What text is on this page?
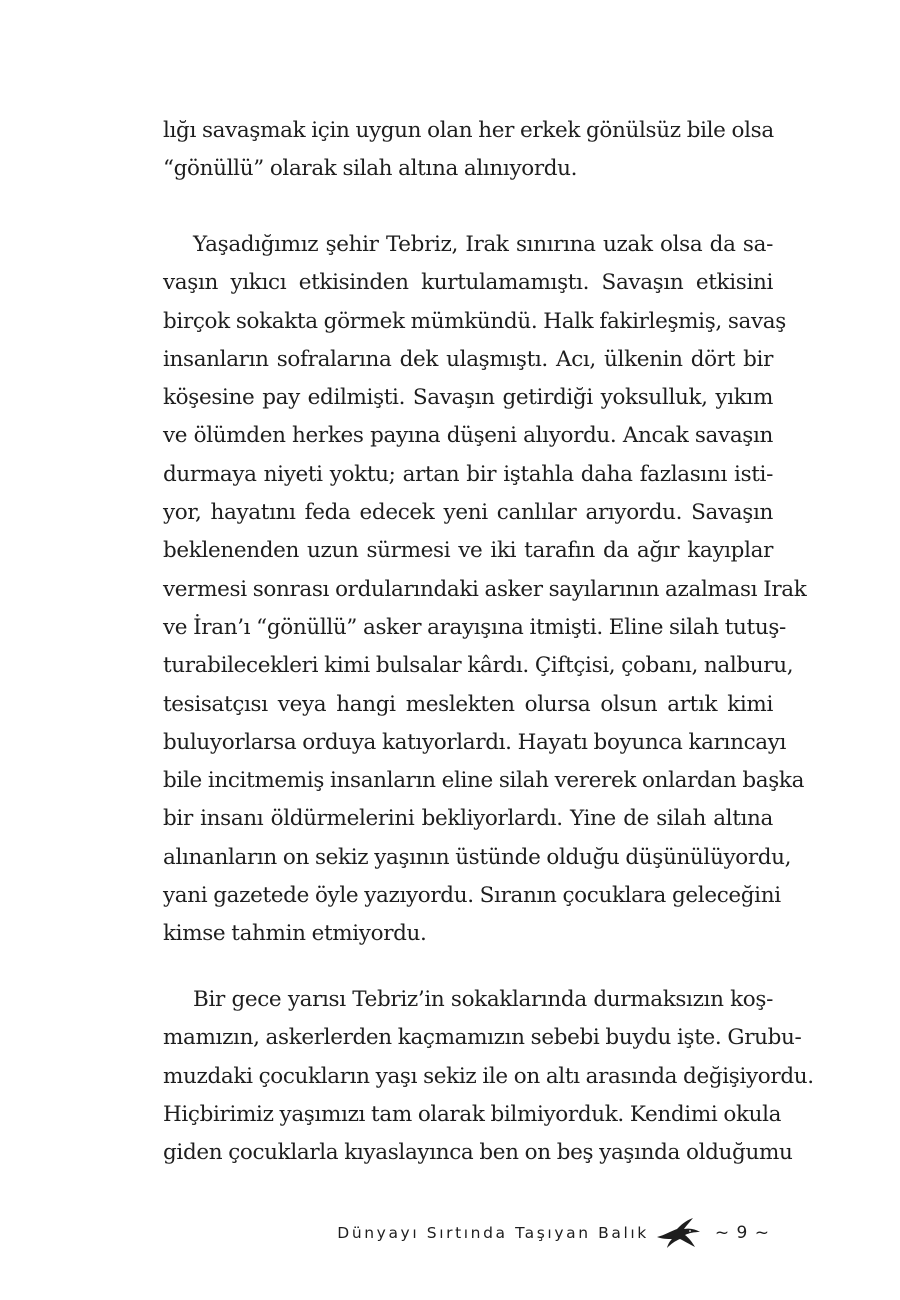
lığı savaşmak için uygun olan her erkek gönülsüz bile olsa
“gönüllü” olarak silah altına alınıyordu.
Yaşadığımız şehir Tebriz, Irak sınırına uzak olsa da sa-
vaşın yıkıcı etkisinden kurtulamamıştı. Savaşın etkisini
birçok sokakta görmek mümkündü. Halk fakirleşmiş, savaş
insanların sofralarına dek ulaşmıştı. Acı, ülkenin dört bir
köşesine pay edilmişti. Savaşın getirdiği yoksulluk, yıkım
ve ölümden herkes payına düşeni alıyordu. Ancak savaşın
durmaya niyeti yoktu; artan bir iştahla daha fazlasını isti-
yor, hayatını feda edecek yeni canlılar arıyordu. Savaşın
beklenenden uzun sürmesi ve iki tarafın da ağır kayıplar
vermesi sonrası ordularındaki asker sayılarının azalması Irak
ve İran’ı “gönüllü” asker arayışına itmişti. Eline silah tutuş-
turabilecekleri kimi bulsalar kârdı. Çiftçisi, çobanı, nalburu,
tesisatçısı veya hangi meslekten olursa olsun artık kimi
buluyorlarsa orduya katıyorlardı. Hayatı boyunca karıncayı
bile incitmemiş insanların eline silah vererek onlardan başka
bir insanı öldürmelerini bekliyorlardı. Yine de silah altına
alınanların on sekiz yaşının üstünde olduğu düşünülüyordu,
yani gazetede öyle yazıyordu. Sıranın çocuklara geleceğini
kimse tahmin etmiyordu.
Bir gece yarısı Tebriz’in sokaklarında durmaksızın koş-
mamızın, askerlerden kaçmamızın sebebi buydu işte. Grubu-
muzdaki çocukların yaşı sekiz ile on altı arasında değişiyordu.
Hiçbirimiz yaşımızı tam olarak bilmiyorduk. Kendimi okula
giden çocuklarla kıyaslayınca ben on beş yaşında olduğumu
Dünyayı Sırtında Taşıyan Balık	~ 9 ~
